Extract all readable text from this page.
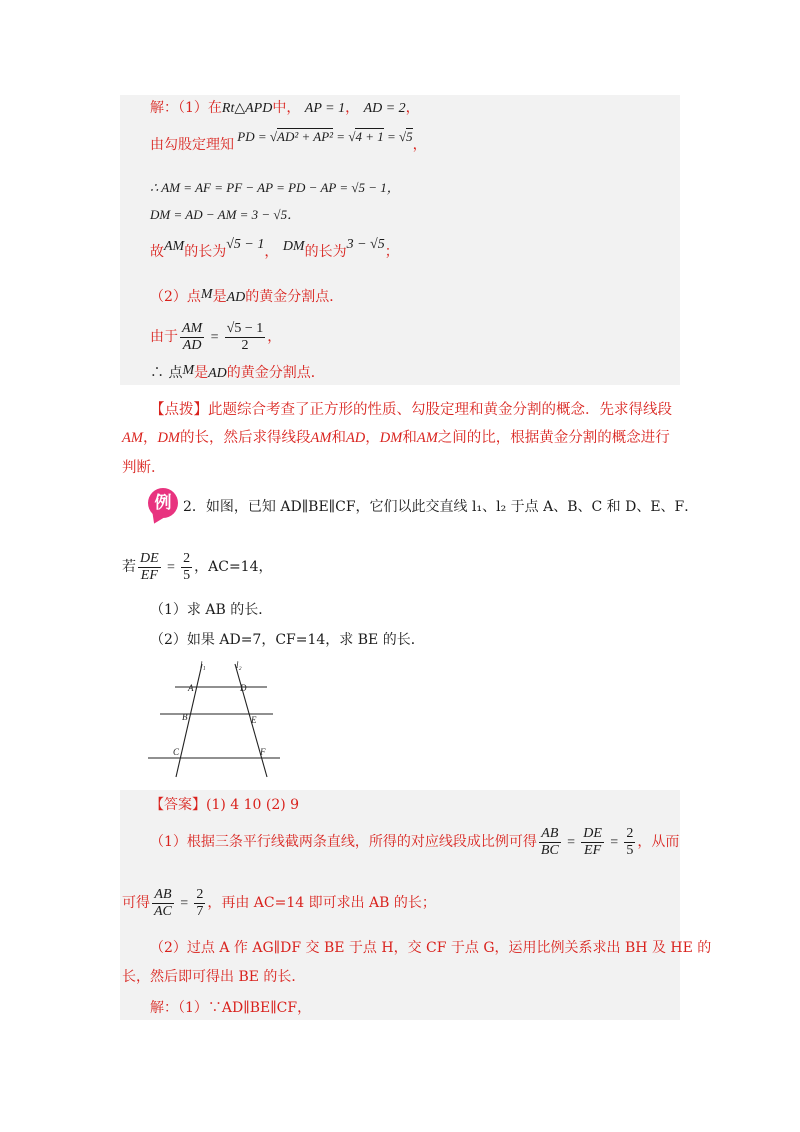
解：（1）在Rt△APD中， AP = 1， AD = 2，
由勾股定理知 PD = √AD² + AP² = √4 + 1 = √5，
∴ AM = AF = PF − AP = PD − AP = √5 − 1，
DM = AD − AM = 3 − √5．
故AM的长为√5 − 1， DM的长为3 − √5；
（2）点M是AD的黄金分割点．
由于 $\frac{AM}{AD} = \frac{√5 - 1}{2}$ ，
∴ 点M是AD的黄金分割点．
【点拨】此题综合考查了正方形的性质、勾股定理和黄金分割的概念．先求得线段
AM，DM的长，然后求得线段AM和AD，DM和AM之间的比，根据黄金分割的概念进行
判断．
例 2．如图，已知 AD∥BE∥CF，它们以此交直线 l₁、l₂ 于点 A、B、C 和 D、E、F．
若 $\frac{DE}{EF} = \frac{2}{5}$ ，AC=14，
（1）求 AB 的长．
（2）如果 AD=7，CF=14，求 BE 的长．
l₁	l₂
A	D
B	E
C	F
【答案】(1) 4 10 (2) 9
（1）根据三条平行线截两条直线，所得的对应线段成比例可得 $\frac{AB}{BC} = \frac{DE}{EF} = \frac{2}{5}$ ，从而
可得 $\frac{AB}{AC} = \frac{2}{7}$ ，再由 AC=14 即可求出 AB 的长；
（2）过点 A 作 AG∥DF 交 BE 于点 H，交 CF 于点 G，运用比例关系求出 BH 及 HE 的
长，然后即可得出 BE 的长．
解：（1）∵AD∥BE∥CF，
